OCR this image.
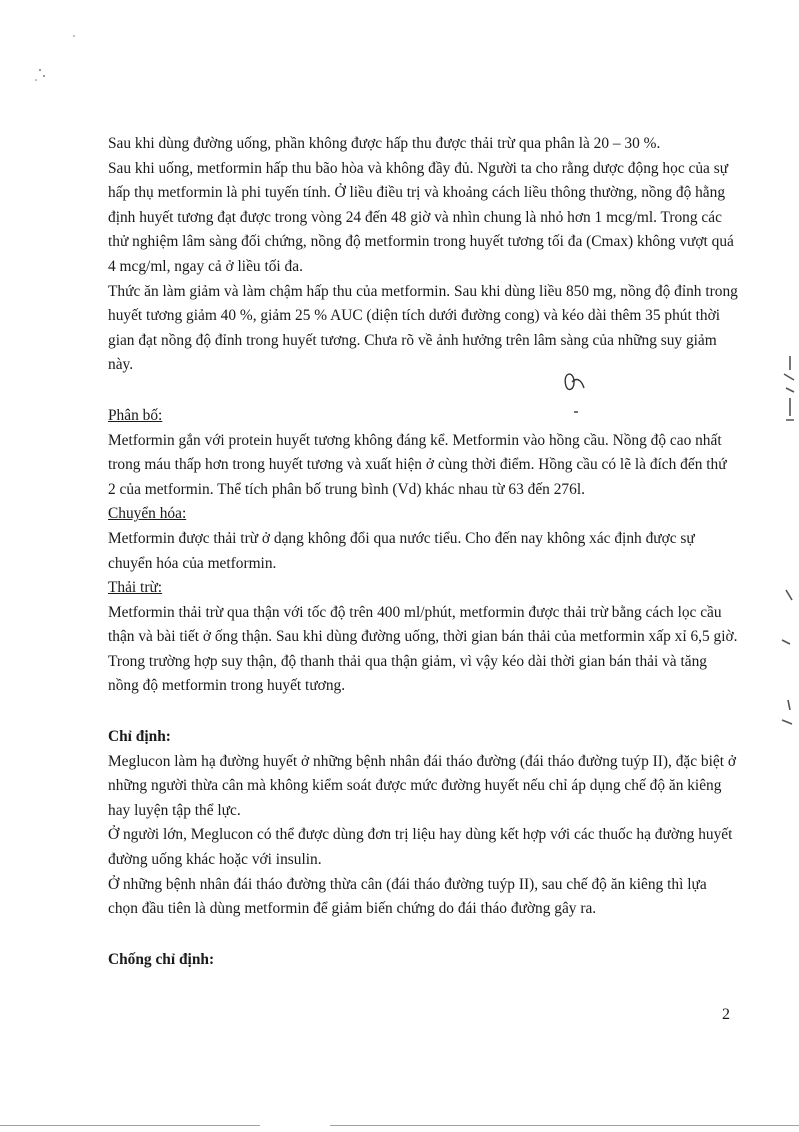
Sau khi dùng đường uống, phần không được hấp thu được thải trừ qua phân là 20 – 30 %.

Sau khi uống, metformin hấp thu bão hòa và không đầy đủ. Người ta cho rằng dược động học của sự hấp thụ metformin là phi tuyến tính. Ở liều điều trị và khoảng cách liều thông thường, nồng độ hằng định huyết tương đạt được trong vòng 24 đến 48 giờ và nhìn chung là nhỏ hơn 1 mcg/ml. Trong các thử nghiệm lâm sàng đối chứng, nồng độ metformin trong huyết tương tối đa (Cmax) không vượt quá 4 mcg/ml, ngay cả ở liều tối đa.

Thức ăn làm giảm và làm chậm hấp thu của metformin. Sau khi dùng liều 850 mg, nồng độ đỉnh trong huyết tương giảm 40 %, giảm 25 % AUC (diện tích dưới đường cong) và kéo dài thêm 35 phút thời gian đạt nồng độ đỉnh trong huyết tương. Chưa rõ về ảnh hưởng trên lâm sàng của những suy giảm này.

Phân bố:

Metformin gắn với protein huyết tương không đáng kể. Metformin vào hồng cầu. Nồng độ cao nhất trong máu thấp hơn trong huyết tương và xuất hiện ở cùng thời điểm. Hồng cầu có lẽ là đích đến thứ 2 của metformin. Thể tích phân bố trung bình (Vd) khác nhau từ 63 đến 276l.

Chuyển hóa:

Metformin được thải trừ ở dạng không đổi qua nước tiểu. Cho đến nay không xác định được sự chuyển hóa của metformin.

Thải trừ:

Metformin thải trừ qua thận với tốc độ trên 400 ml/phút, metformin được thải trừ bằng cách lọc cầu thận và bài tiết ở ống thận. Sau khi dùng đường uống, thời gian bán thải của metformin xấp xỉ 6,5 giờ. Trong trường hợp suy thận, độ thanh thải qua thận giảm, vì vậy kéo dài thời gian bán thải và tăng nồng độ metformin trong huyết tương.

Chỉ định:

Meglucon làm hạ đường huyết ở những bệnh nhân đái tháo đường (đái tháo đường tuýp II), đặc biệt ở những người thừa cân mà không kiểm soát được mức đường huyết nếu chỉ áp dụng chế độ ăn kiêng hay luyện tập thể lực.

Ở người lớn, Meglucon có thể được dùng đơn trị liệu hay dùng kết hợp với các thuốc hạ đường huyết đường uống khác hoặc với insulin.

Ở những bệnh nhân đái tháo đường thừa cân (đái tháo đường tuýp II), sau chế độ ăn kiêng thì lựa chọn đầu tiên là dùng metformin để giảm biến chứng do đái tháo đường gây ra.

Chống chỉ định:

2
